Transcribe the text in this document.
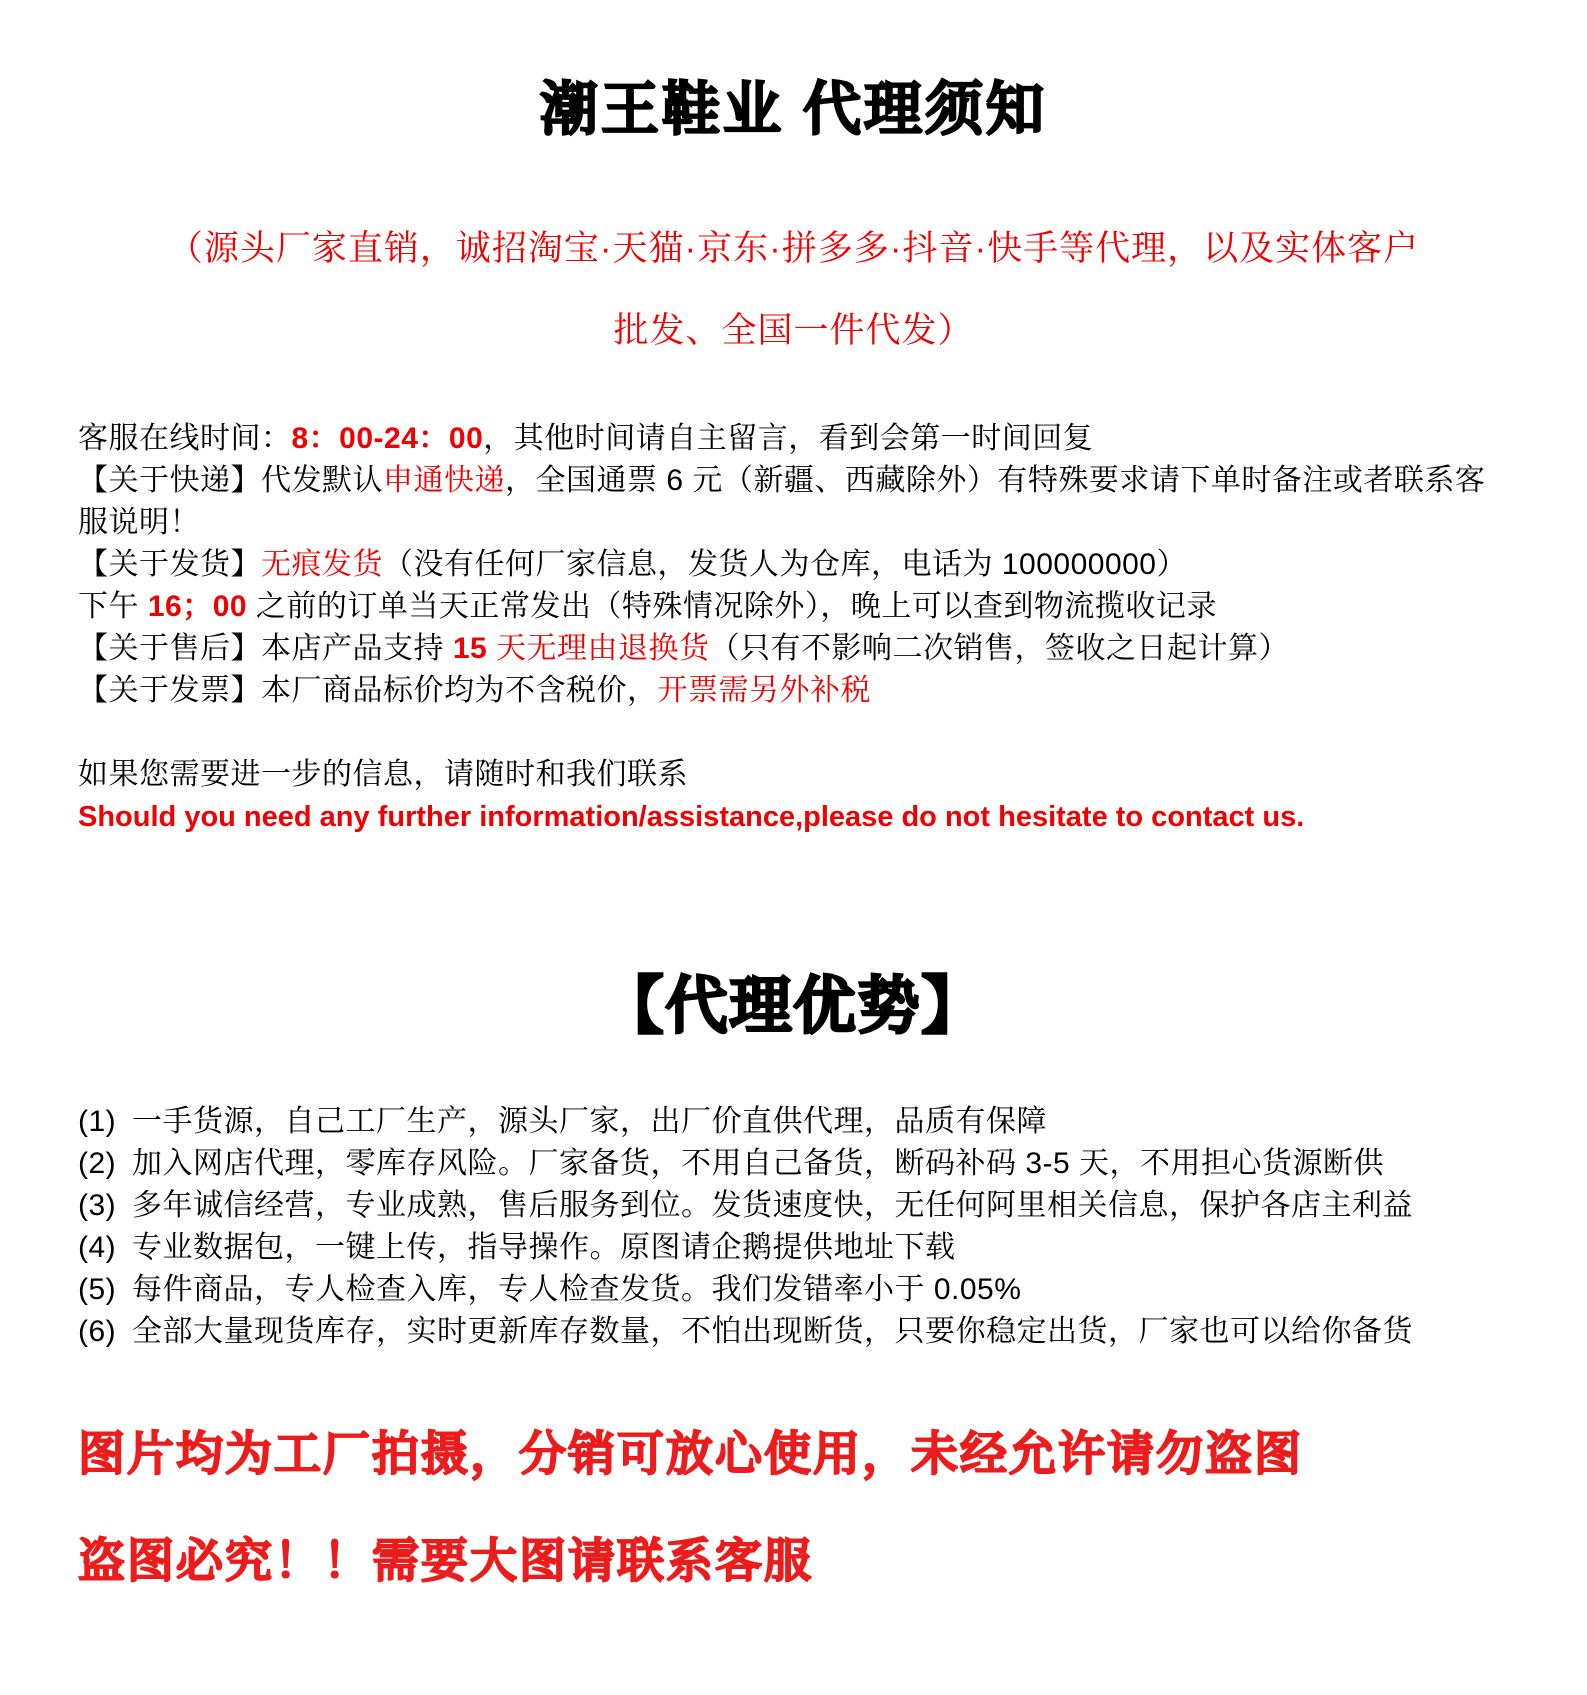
潮王鞋业 代理须知
（源头厂家直销，诚招淘宝·天猫·京东·拼多多·抖音·快手等代理，以及实体客户
批发、全国一件代发）

客服在线时间：8：00-24：00，其他时间请自主留言，看到会第一时间回复

【关于快递】代发默认申通快递，全国通票 6 元（新疆、西藏除外）有特殊要求请下单时备注或者联系客服说明！

【关于发货】无痕发货（没有任何厂家信息，发货人为仓库，电话为 100000000）

下午 16；00 之前的订单当天正常发出（特殊情况除外），晚上可以查到物流揽收记录

【关于售后】本店产品支持 15 天无理由退换货（只有不影响二次销售，签收之日起计算）

【关于发票】本厂商品标价均为不含税价，开票需另外补税

如果您需要进一步的信息，请随时和我们联系

Should you need any further information/assistance,please do not hesitate to contact us.

【代理优势】
(1) 一手货源，自己工厂生产，源头厂家，出厂价直供代理，品质有保障
(2) 加入网店代理，零库存风险。厂家备货，不用自己备货，断码补码 3-5 天，不用担心货源断供
(3) 多年诚信经营，专业成熟，售后服务到位。发货速度快，无任何阿里相关信息，保护各店主利益
(4) 专业数据包，一键上传，指导操作。原图请企鹅提供地址下载
(5) 每件商品，专人检查入库，专人检查发货。我们发错率小于 0.05%
(6) 全部大量现货库存，实时更新库存数量，不怕出现断货，只要你稳定出货，厂家也可以给你备货
图片均为工厂拍摄，分销可放心使用，未经允许请勿盗图
盗图必究！！需要大图请联系客服
